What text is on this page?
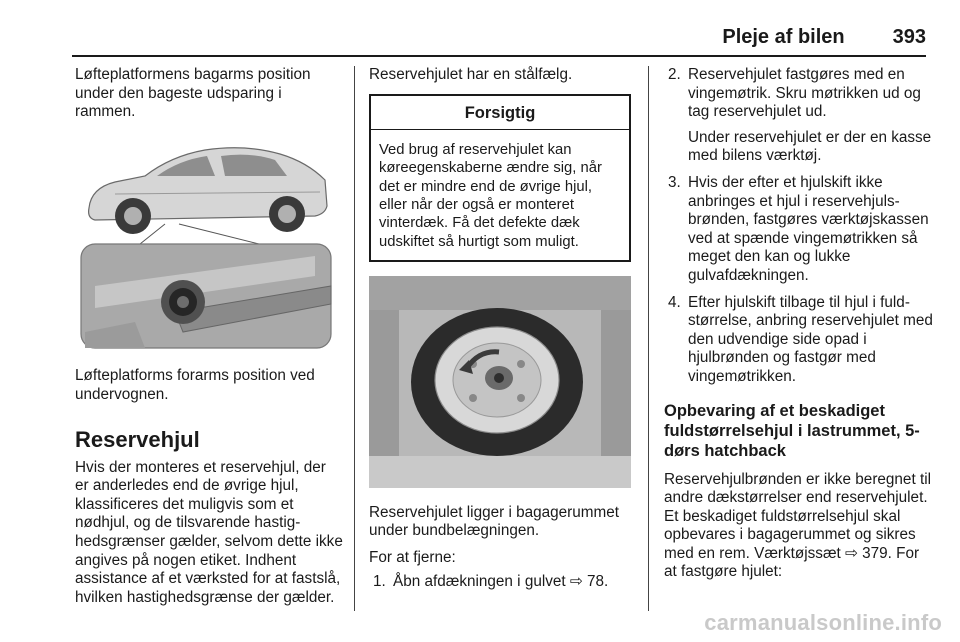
Pleje af bilen 393

Løfteplatformens bagarms position under den bageste udsparing i rammen.

Løfteplatforms forarms position ved undervognen.

Reservehjul

Hvis der monteres et reservehjul, der er anderledes end de øvrige hjul, klassificeres det muligvis som et nødhjul, og de tilsvarende hastighedsgrænser gælder, selvom dette ikke angives på nogen etiket. Indhent assistance af et værksted for at fastslå, hvilken hastighedsgrænse der gælder.

Reservehjulet har en stålfælg.

Forsigtig
Ved brug af reservehjulet kan køreegenskaberne ændre sig, når det er mindre end de øvrige hjul, eller når der også er monteret vinterdæk. Få det defekte dæk udskiftet så hurtigt som muligt.

Reservehjulet ligger i bagagerummet under bundbelægningen.

For at fjerne:

1. Åbn afdækningen i gulvet ⇨ 78.
2. Reservehjulet fastgøres med en vingemøtrik. Skru møtrikken ud og tag reservehjulet ud.
Under reservehjulet er der en kasse med bilens værktøj.
3. Hvis der efter et hjulskift ikke anbringes et hjul i reservehjulsbrønden, fastgøres værktøjskassen ved at spænde vingemøtrikken så meget den kan og lukke gulvafdækningen.
4. Efter hjulskift tilbage til hjul i fuldstørrelse, anbring reservehjulet med den udvendige side opad i hjulbrønden og fastgør med vingemøtrikken.
Opbevaring af et beskadiget fuldstørrelsehjul i lastrummet, 5-dørs hatchback

Reservehjulbrønden er ikke beregnet til andre dækstørrelser end reservehjulet. Et beskadiget fuldstørrelsehjul skal opbevares i bagagerummet og sikres med en rem. Værktøjssæt ⇨ 379. For at fastgøre hjulet:

carmanualsonline.info
